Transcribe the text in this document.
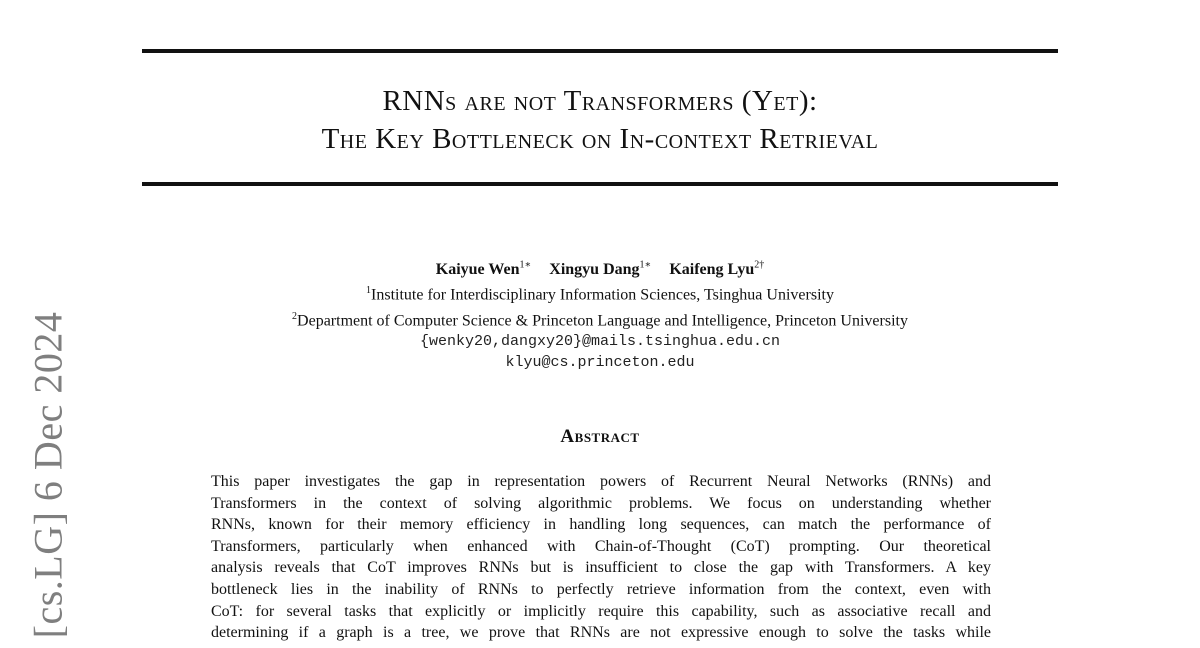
RNNs are not Transformers (Yet):
The Key Bottleneck on In-context Retrieval
Kaiyue Wen$^{1∗}$ Xingyu Dang$^{1∗}$ Kaifeng Lyu$^{2\dagger}$
$^1$Institute for Interdisciplinary Information Sciences, Tsinghua University
$^2$Department of Computer Science & Princeton Language and Intelligence, Princeton University
{wenky20,dangxy20}@mails.tsinghua.edu.cn
klyu@cs.princeton.edu
Abstract
This paper investigates the gap in representation powers of Recurrent Neural Networks (RNNs) and
Transformers in the context of solving algorithmic problems. We focus on understanding whether
RNNs, known for their memory efficiency in handling long sequences, can match the performance of
Transformers, particularly when enhanced with Chain-of-Thought (CoT) prompting. Our theoretical
analysis reveals that CoT improves RNNs but is insufficient to close the gap with Transformers. A key
bottleneck lies in the inability of RNNs to perfectly retrieve information from the context, even with
CoT: for several tasks that explicitly or implicitly require this capability, such as associative recall and
determining if a graph is a tree, we prove that RNNs are not expressive enough to solve the tasks while
[cs.LG] 6 Dec 2024
